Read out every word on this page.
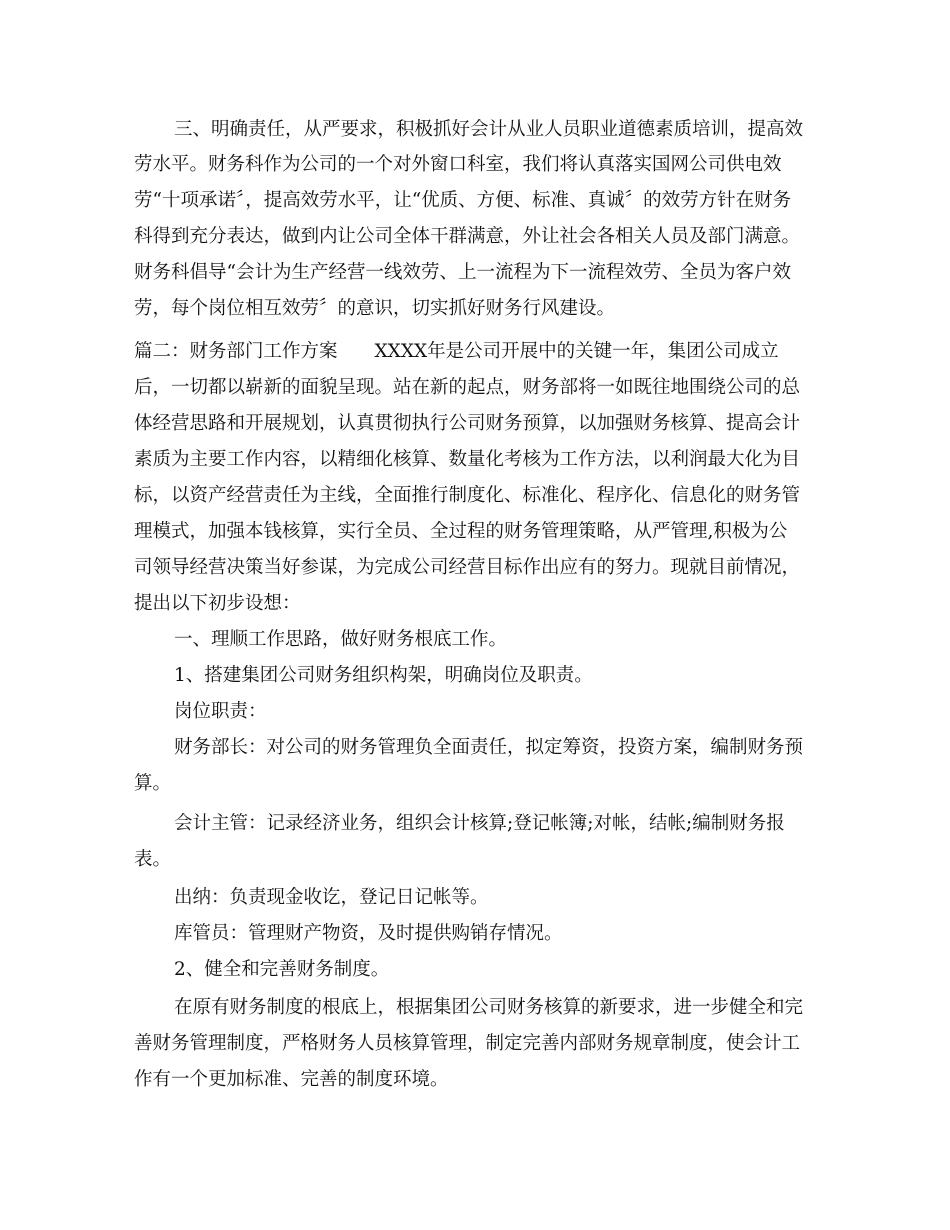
三、明确责任，从严要求，积极抓好会计从业人员职业道德素质培训，提高效
劳水平。财务科作为公司的一个对外窗口科室，我们将认真落实国网公司供电效
劳“十项承诺〞，提高效劳水平，让“优质、方便、标准、真诚〞的效劳方针在财务
科得到充分表达，做到内让公司全体干群满意，外让社会各相关人员及部门满意。
财务科倡导“会计为生产经营一线效劳、上一流程为下一流程效劳、全员为客户效
劳，每个岗位相互效劳〞的意识，切实抓好财务行风建设。
篇二：财务部门工作方案　　XXXX年是公司开展中的关键一年，集团公司成立
后，一切都以崭新的面貌呈现。站在新的起点，财务部将一如既往地围绕公司的总
体经营思路和开展规划，认真贯彻执行公司财务预算，以加强财务核算、提高会计
素质为主要工作内容，以精细化核算、数量化考核为工作方法，以利润最大化为目
标，以资产经营责任为主线，全面推行制度化、标准化、程序化、信息化的财务管
理模式，加强本钱核算，实行全员、全过程的财务管理策略，从严管理,积极为公
司领导经营决策当好参谋，为完成公司经营目标作出应有的努力。现就目前情况，
提出以下初步设想：
一、理顺工作思路，做好财务根底工作。
1、搭建集团公司财务组织构架，明确岗位及职责。
岗位职责：
财务部长：对公司的财务管理负全面责任，拟定筹资，投资方案，编制财务预
算。
会计主管：记录经济业务，组织会计核算;登记帐簿;对帐，结帐;编制财务报
表。
出纳：负责现金收讫，登记日记帐等。
库管员：管理财产物资，及时提供购销存情况。
2、健全和完善财务制度。
在原有财务制度的根底上，根据集团公司财务核算的新要求，进一步健全和完
善财务管理制度，严格财务人员核算管理，制定完善内部财务规章制度，使会计工
作有一个更加标准、完善的制度环境。
